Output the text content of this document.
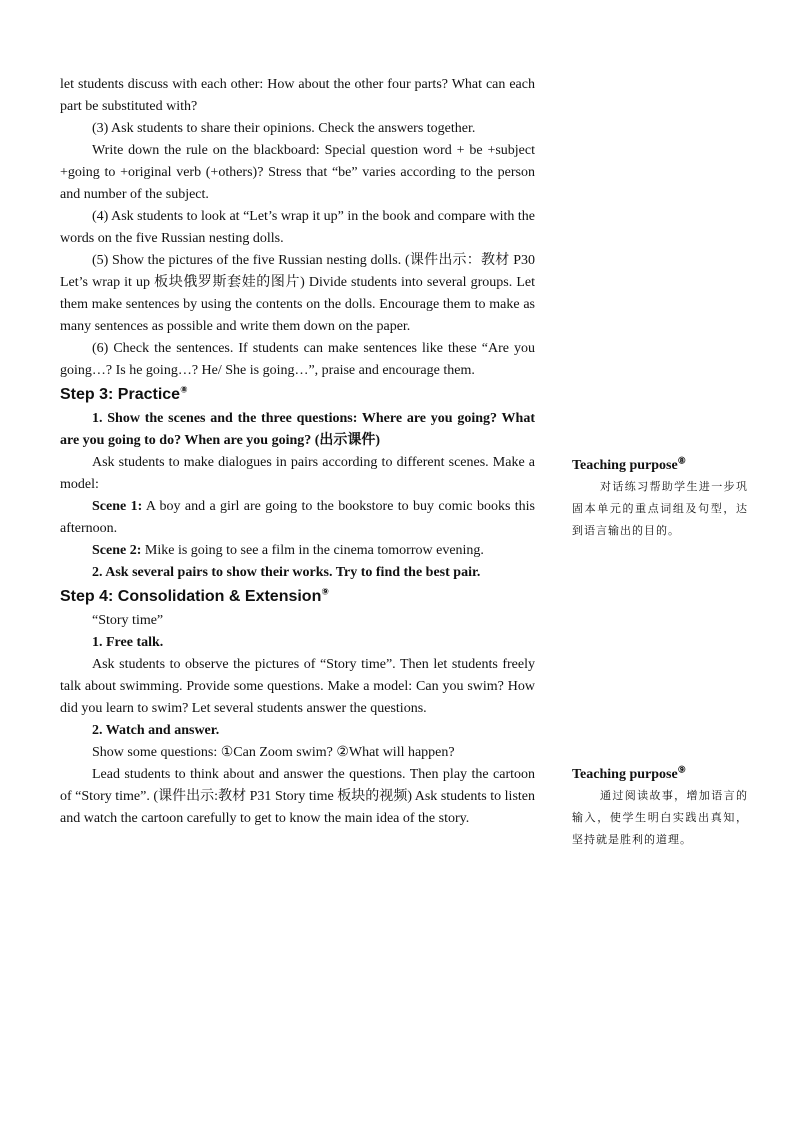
let students discuss with each other: How about the other four parts? What can each part be substituted with?

(3) Ask students to share their opinions. Check the answers together.

Write down the rule on the blackboard: Special question word + be +subject +going to +original verb (+others)? Stress that “be” varies according to the person and number of the subject.

(4) Ask students to look at “Let’s wrap it up” in the book and compare with the words on the five Russian nesting dolls.

(5) Show the pictures of the five Russian nesting dolls. (课件出示：教材 P30 Let’s wrap it up 板块俄罗斯套娃的图片) Divide students into several groups. Let them make sentences by using the contents on the dolls. Encourage them to make as many sentences as possible and write them down on the paper.

(6) Check the sentences. If students can make sentences like these “Are you going…? Is he going…? He/ She is going…”, praise and encourage them.

Step 3: Practice⑧

1. Show the scenes and the three questions: Where are you going? What are you going to do? When are you going? (出示课件)

Ask students to make dialogues in pairs according to different scenes. Make a model:

Scene 1: A boy and a girl are going to the bookstore to buy comic books this afternoon.

Scene 2: Mike is going to see a film in the cinema tomorrow evening.

2. Ask several pairs to show their works. Try to find the best pair.

Step 4: Consolidation & Extension⑨

“Story time”

1. Free talk.

Ask students to observe the pictures of “Story time”. Then let students freely talk about swimming. Provide some questions. Make a model: Can you swim? How did you learn to swim? Let several students answer the questions.

2. Watch and answer.

Show some questions: ①Can Zoom swim? ②What will happen?

Lead students to think about and answer the questions. Then play the cartoon of “Story time”. (课件出示:教材 P31 Story time 板块的视频) Ask students to listen and watch the cartoon carefully to get to know the main idea of the story.

Teaching purpose⑧

对话练习帮助学生进一步巩固本单元的重点词组及句型，达到语言输出的目的。

Teaching purpose⑨

通过阅读故事，增加语言的输入，使学生明白实践出真知，坚持就是胜利的道理。
